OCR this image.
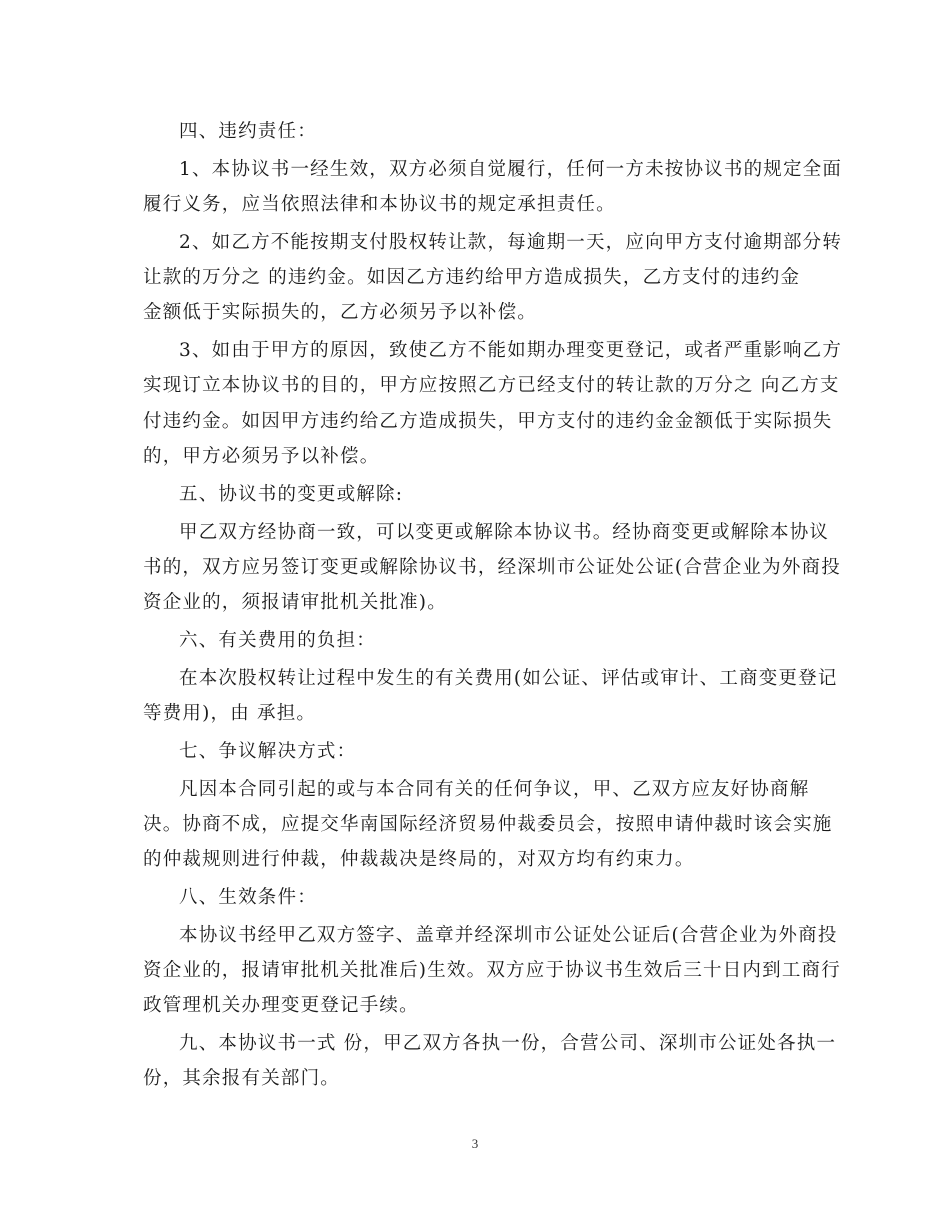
四、违约责任：
1、本协议书一经生效，双方必须自觉履行，任何一方未按协议书的规定全面
履行义务，应当依照法律和本协议书的规定承担责任。
2、如乙方不能按期支付股权转让款，每逾期一天，应向甲方支付逾期部分转
让款的万分之 的违约金。如因乙方违约给甲方造成损失，乙方支付的违约金
金额低于实际损失的，乙方必须另予以补偿。
3、如由于甲方的原因，致使乙方不能如期办理变更登记，或者严重影响乙方
实现订立本协议书的目的，甲方应按照乙方已经支付的转让款的万分之 向乙方支
付违约金。如因甲方违约给乙方造成损失，甲方支付的违约金金额低于实际损失
的，甲方必须另予以补偿。
五、协议书的变更或解除:
甲乙双方经协商一致，可以变更或解除本协议书。经协商变更或解除本协议
书的，双方应另签订变更或解除协议书，经深圳市公证处公证(合营企业为外商投
资企业的，须报请审批机关批准)。
六、有关费用的负担：
在本次股权转让过程中发生的有关费用(如公证、评估或审计、工商变更登记
等费用)，由 承担。
七、争议解决方式：
凡因本合同引起的或与本合同有关的任何争议，甲、乙双方应友好协商解
决。协商不成，应提交华南国际经济贸易仲裁委员会，按照申请仲裁时该会实施
的仲裁规则进行仲裁，仲裁裁决是终局的，对双方均有约束力。
八、生效条件：
本协议书经甲乙双方签字、盖章并经深圳市公证处公证后(合营企业为外商投
资企业的，报请审批机关批准后)生效。双方应于协议书生效后三十日内到工商行
政管理机关办理变更登记手续。
九、本协议书一式 份，甲乙双方各执一份，合营公司、深圳市公证处各执一
份，其余报有关部门。
3
